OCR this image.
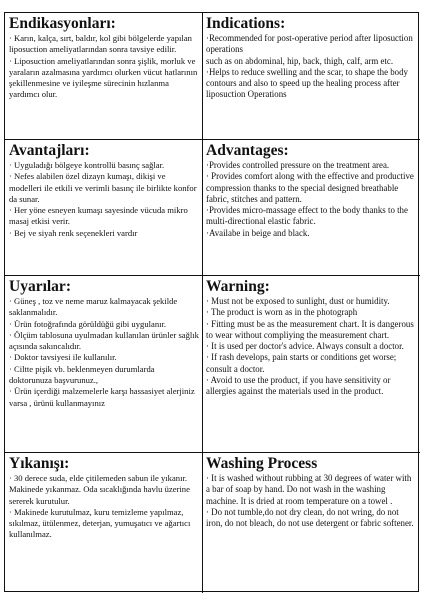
Endikasyonları:
· Karın, kalça, sırt, baldır, kol gibi bölgelerde yapılan liposuction ameliyatlarından sonra tavsiye edilir.
· Liposuction ameliyatlarından sonra şişlik, morluk ve yaraların azalmasına yardımcı olurken vücut hatlarının şekillenmesine ve iyileşme sürecinin hızlanma yardımcı olur.
Indications:
·Recommended for post-operative period after liposuction operations
such as on abdominal, hip, back, thigh, calf, arm etc.
·Helps to reduce swelling and the scar, to shape the body contours and also to speed up the healing process after liposuction Operations
Avantajları:
· Uyguladığı bölgeye kontrollü basınç sağlar.
· Nefes alabilen özel dizayn kumaşı, dikişi ve modelleri ile etkili ve verimli basınç ile birlikte konfor da sunar.
· Her yöne esneyen kumaşı sayesinde vücuda mikro masaj etkisi verir.
· Bej ve siyah renk seçenekleri vardır
Advantages:
·Provides controlled pressure on the treatment area.
· Provides comfort along with the effective and productive compression thanks to the special designed breathable fabric, stitches and pattern.
·Provides micro-massage effect to the body thanks to the multi-directional elastic fabric.
·Availabe in beige and black.
Uyarılar:
· Güneş , toz ve neme maruz kalmayacak şekilde saklanmalıdır.
· Ürün fotoğrafında görüldüğü gibi uygulanır.
· Ölçüm tablosuna uyulmadan kullanılan ürünler sağlık açısında sakıncalıdır.
· Doktor tavsiyesi ile kullanılır.
· Ciltte pişik vb. beklenmeyen durumlarda doktorunuza başvurunuz.,
· Ürün içerdiği malzemelerle karşı hassasiyet alerjiniz varsa , ürünü kullanmayınız
Warning:
· Must not be exposed to sunlight, dust or humidity.
· The product is worn as in the photograph
· Fitting must be as the measurement chart. It is dangerous to wear without compliying the measurement chart.
· It is used per doctor's advice. Always consult a doctor.
· If rash develops, pain starts or conditions get worse; consult a doctor.
· Avoid to use the product, if you have sensitivity or allergies against the materials used in the product.
Yıkanışı:
· 30 derece suda, elde çitilemeden sabun ile yıkanır. Makinede yıkanmaz. Oda sıcaklığında havlu üzerine sererek kurutulur.
· Makinede kurutulmaz, kuru temizleme yapılmaz, sıkılmaz, ütülenmez, deterjan, yumuşatıcı ve ağartıcı kullanılmaz.
Washing Process
· It is washed without rubbing at 30 degrees of water with a bar of soap by hand. Do not wash in the washing machine. It is dried at room temperature on a towel .
· Do not tumble,do not dry clean, do not wring, do not iron, do not bleach, do not use detergent or fabric softener.
